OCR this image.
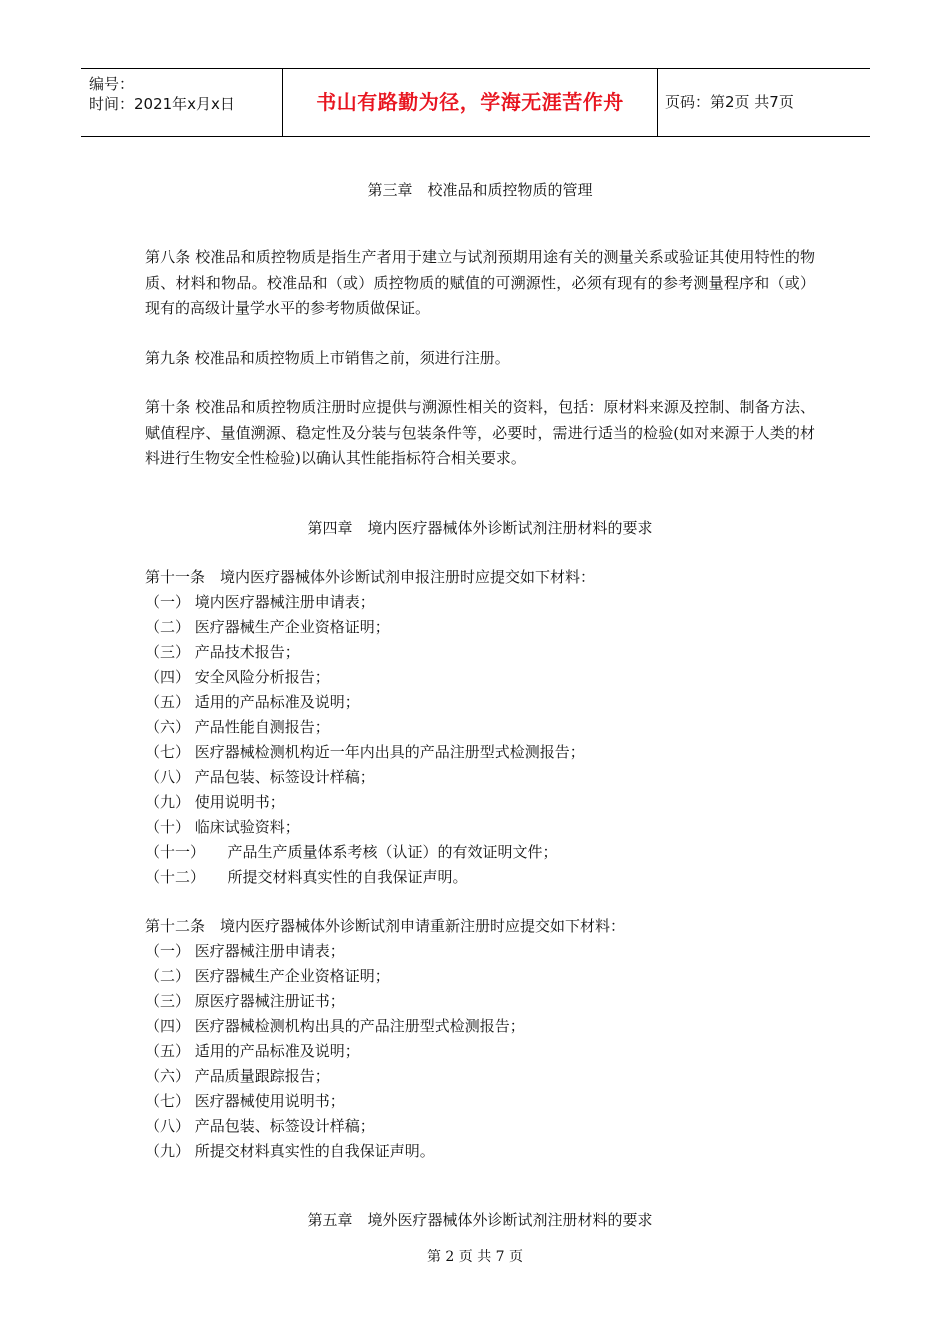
编号：
时间：2021年x月x日	书山有路勤为径，学海无涯苦作舟	页码：第2页 共7页
第三章　校准品和质控物质的管理
第八条 校准品和质控物质是指生产者用于建立与试剂预期用途有关的测量关系或验证其使用特性的物质、材料和物品。校准品和（或）质控物质的赋值的可溯源性，必须有现有的参考测量程序和（或）现有的高级计量学水平的参考物质做保证。
第九条 校准品和质控物质上市销售之前，须进行注册。
第十条 校准品和质控物质注册时应提供与溯源性相关的资料，包括：原材料来源及控制、制备方法、赋值程序、量值溯源、稳定性及分装与包装条件等，必要时，需进行适当的检验(如对来源于人类的材料进行生物安全性检验)以确认其性能指标符合相关要求。
第四章　境内医疗器械体外诊断试剂注册材料的要求
第十一条　境内医疗器械体外诊断试剂申报注册时应提交如下材料：
（一） 境内医疗器械注册申请表；
（二） 医疗器械生产企业资格证明；
（三） 产品技术报告；
（四） 安全风险分析报告；
（五） 适用的产品标准及说明；
（六） 产品性能自测报告；
（七） 医疗器械检测机构近一年内出具的产品注册型式检测报告；
（八） 产品包装、标签设计样稿；
（九） 使用说明书；
（十） 临床试验资料；
（十一）　　产品生产质量体系考核（认证）的有效证明文件；
（十二）　　所提交材料真实性的自我保证声明。
第十二条　境内医疗器械体外诊断试剂申请重新注册时应提交如下材料：
（一） 医疗器械注册申请表；
（二） 医疗器械生产企业资格证明；
（三） 原医疗器械注册证书；
（四） 医疗器械检测机构出具的产品注册型式检测报告；
（五） 适用的产品标准及说明；
（六） 产品质量跟踪报告；
（七） 医疗器械使用说明书；
（八） 产品包装、标签设计样稿；
（九） 所提交材料真实性的自我保证声明。
第五章　境外医疗器械体外诊断试剂注册材料的要求
第 2 页 共 7 页
